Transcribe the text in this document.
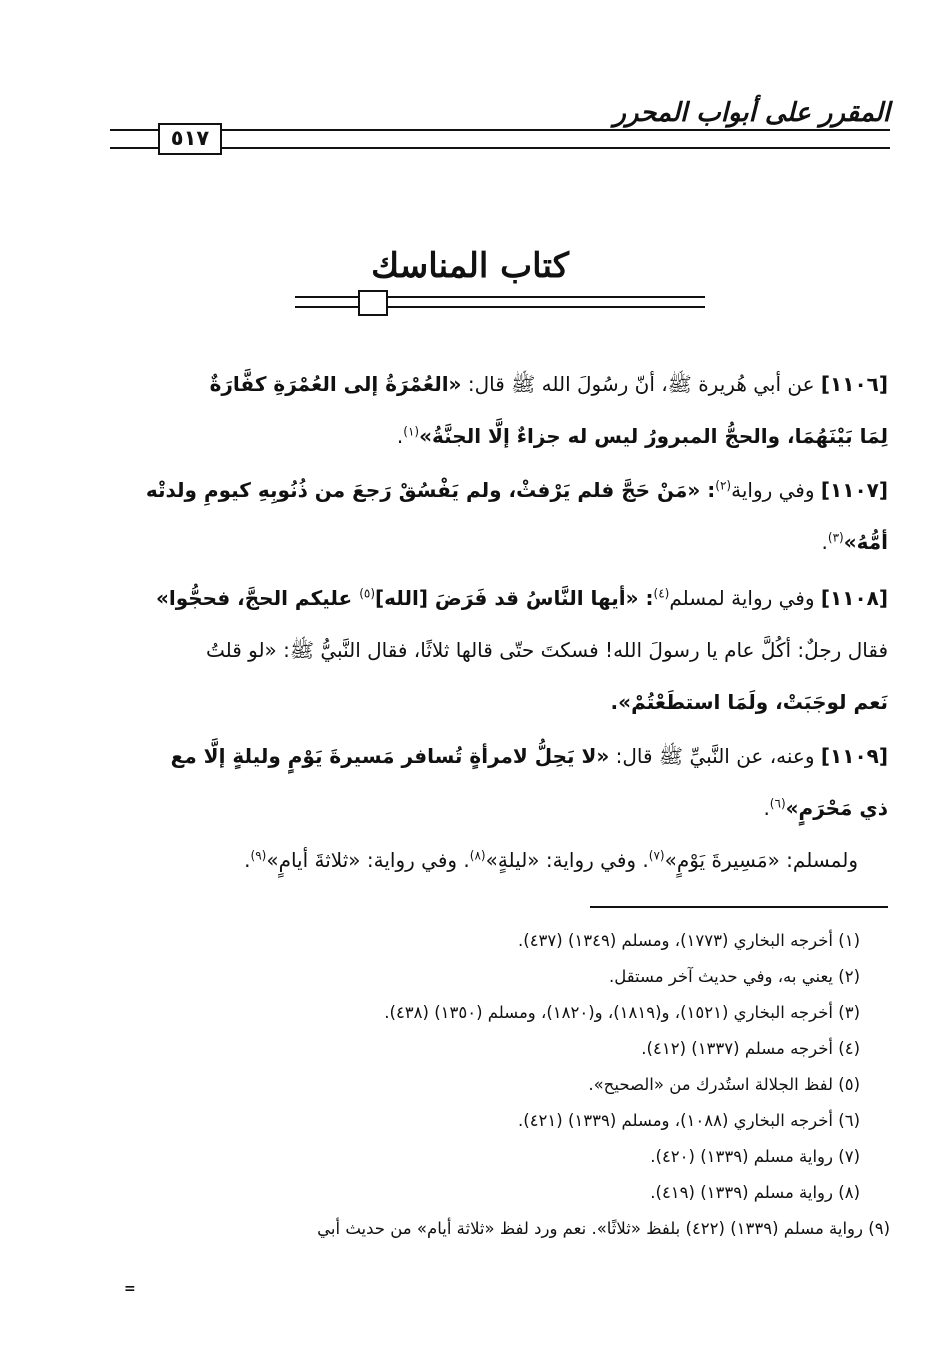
المقرر على أبواب المحرر
٥١٧
كتاب المناسك
[١١٠٦] عن أبي هُريرة ﷺ، أنّ رسُولَ الله ﷺ قال: «العُمْرَةُ إلى العُمْرَةِ كفَّارَةٌ
لِمَا بَيْنَهُمَا، والحجُّ المبرورُ ليس له جزاءٌ إلَّا الجنَّةُ»$^{(١)}$.
[١١٠٧] وفي رواية$^{(٢)}$: «مَنْ حَجَّ فلم يَرْفثْ، ولم يَفْسُقْ رَجعَ من ذُنُوبِهِ كيومِ ولدتْه
أمُّهُ»$^{(٣)}$.
[١١٠٨] وفي رواية لمسلم$^{(٤)}$: «أيها النَّاسُ قد فَرَضَ [الله]$^{(٥)}$ عليكم الحجَّ، فحجُّوا»
فقال رجلٌ: أكُلَّ عام يا رسولَ الله! فسكتَ حتّى قالها ثلاثًا، فقال النَّبيُّ ﷺ: «لو قلتُ
نَعم لوجَبَتْ، ولَمَا استطَعْتُمْ».
[١١٠٩] وعنه، عن النَّبيِّ ﷺ قال: «لا يَحِلُّ لامرأةٍ تُسافر مَسيرةَ يَوْمٍ وليلةٍ إلَّا مع
ذي مَحْرَمٍ»$^{(٦)}$.
ولمسلم: «مَسِيرةَ يَوْمٍ»$^{(٧)}$. وفي رواية: «ليلةٍ»$^{(٨)}$. وفي رواية: «ثلاثةَ أيامٍ»$^{(٩)}$.
(١) أخرجه البخاري (١٧٧٣)، ومسلم (١٣٤٩) (٤٣٧).
(٢) يعني به، وفي حديث آخر مستقل.
(٣) أخرجه البخاري (١٥٢١)، و(١٨١٩)، و(١٨٢٠)، ومسلم (١٣٥٠) (٤٣٨).
(٤) أخرجه مسلم (١٣٣٧) (٤١٢).
(٥) لفظ الجلالة استُدرك من «الصحيح».
(٦) أخرجه البخاري (١٠٨٨)، ومسلم (١٣٣٩) (٤٢١).
(٧) رواية مسلم (١٣٣٩) (٤٢٠).
(٨) رواية مسلم (١٣٣٩) (٤١٩).
(٩) رواية مسلم (١٣٣٩) (٤٢٢) بلفظ «ثلاثًا». نعم ورد لفظ «ثلاثة أيام» من حديث أبي
=
